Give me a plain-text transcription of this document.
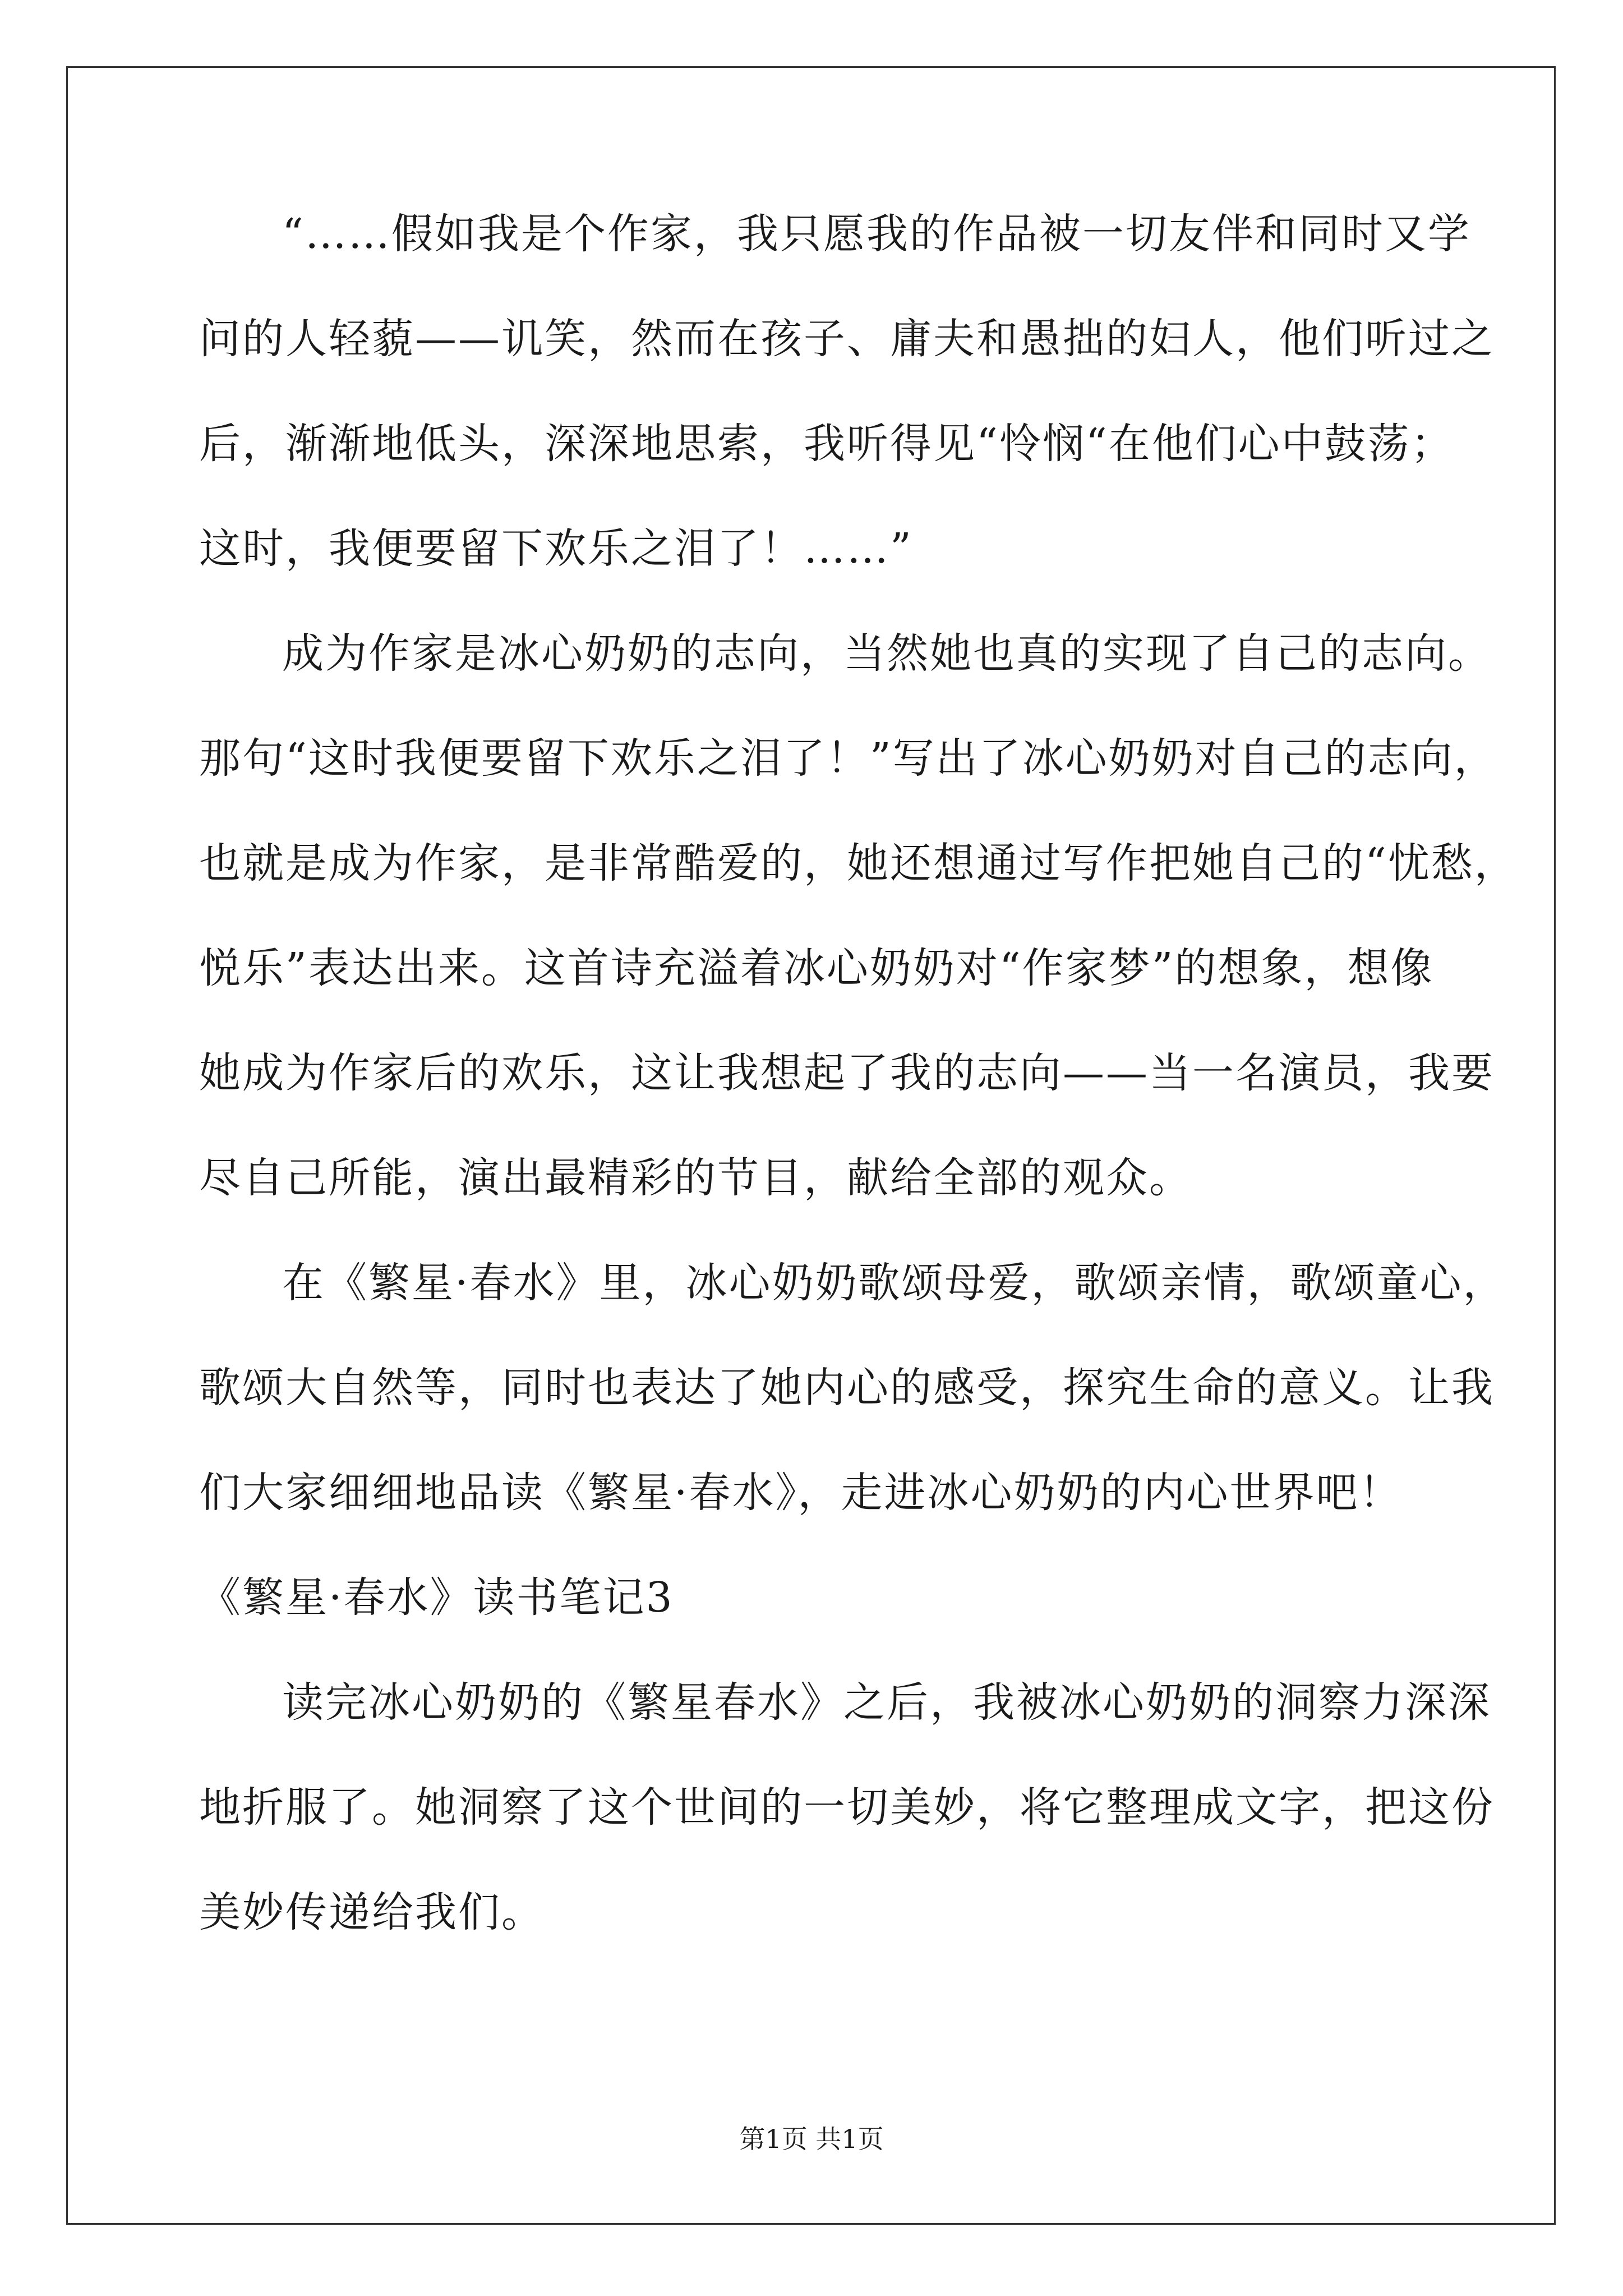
“……假如我是个作家，我只愿我的作品被一切友伴和同时又学
问的人轻藐——讥笑，然而在孩子、庸夫和愚拙的妇人，他们听过之
后，渐渐地低头，深深地思索，我听得见“怜悯“在他们心中鼓荡；
这时，我便要留下欢乐之泪了！……”
成为作家是冰心奶奶的志向，当然她也真的实现了自己的志向。
那句“这时我便要留下欢乐之泪了！”写出了冰心奶奶对自己的志向，
也就是成为作家，是非常酷爱的，她还想通过写作把她自己的“忧愁，
悦乐”表达出来。这首诗充溢着冰心奶奶对“作家梦”的想象，想像
她成为作家后的欢乐，这让我想起了我的志向——当一名演员，我要
尽自己所能，演出最精彩的节目，献给全部的观众。
在《繁星·春水》里，冰心奶奶歌颂母爱，歌颂亲情，歌颂童心，
歌颂大自然等，同时也表达了她内心的感受，探究生命的意义。让我
们大家细细地品读《繁星·春水》，走进冰心奶奶的内心世界吧！
《繁星·春水》读书笔记3
读完冰心奶奶的《繁星春水》之后，我被冰心奶奶的洞察力深深
地折服了。她洞察了这个世间的一切美妙，将它整理成文字，把这份
美妙传递给我们。
第1页 共1页
